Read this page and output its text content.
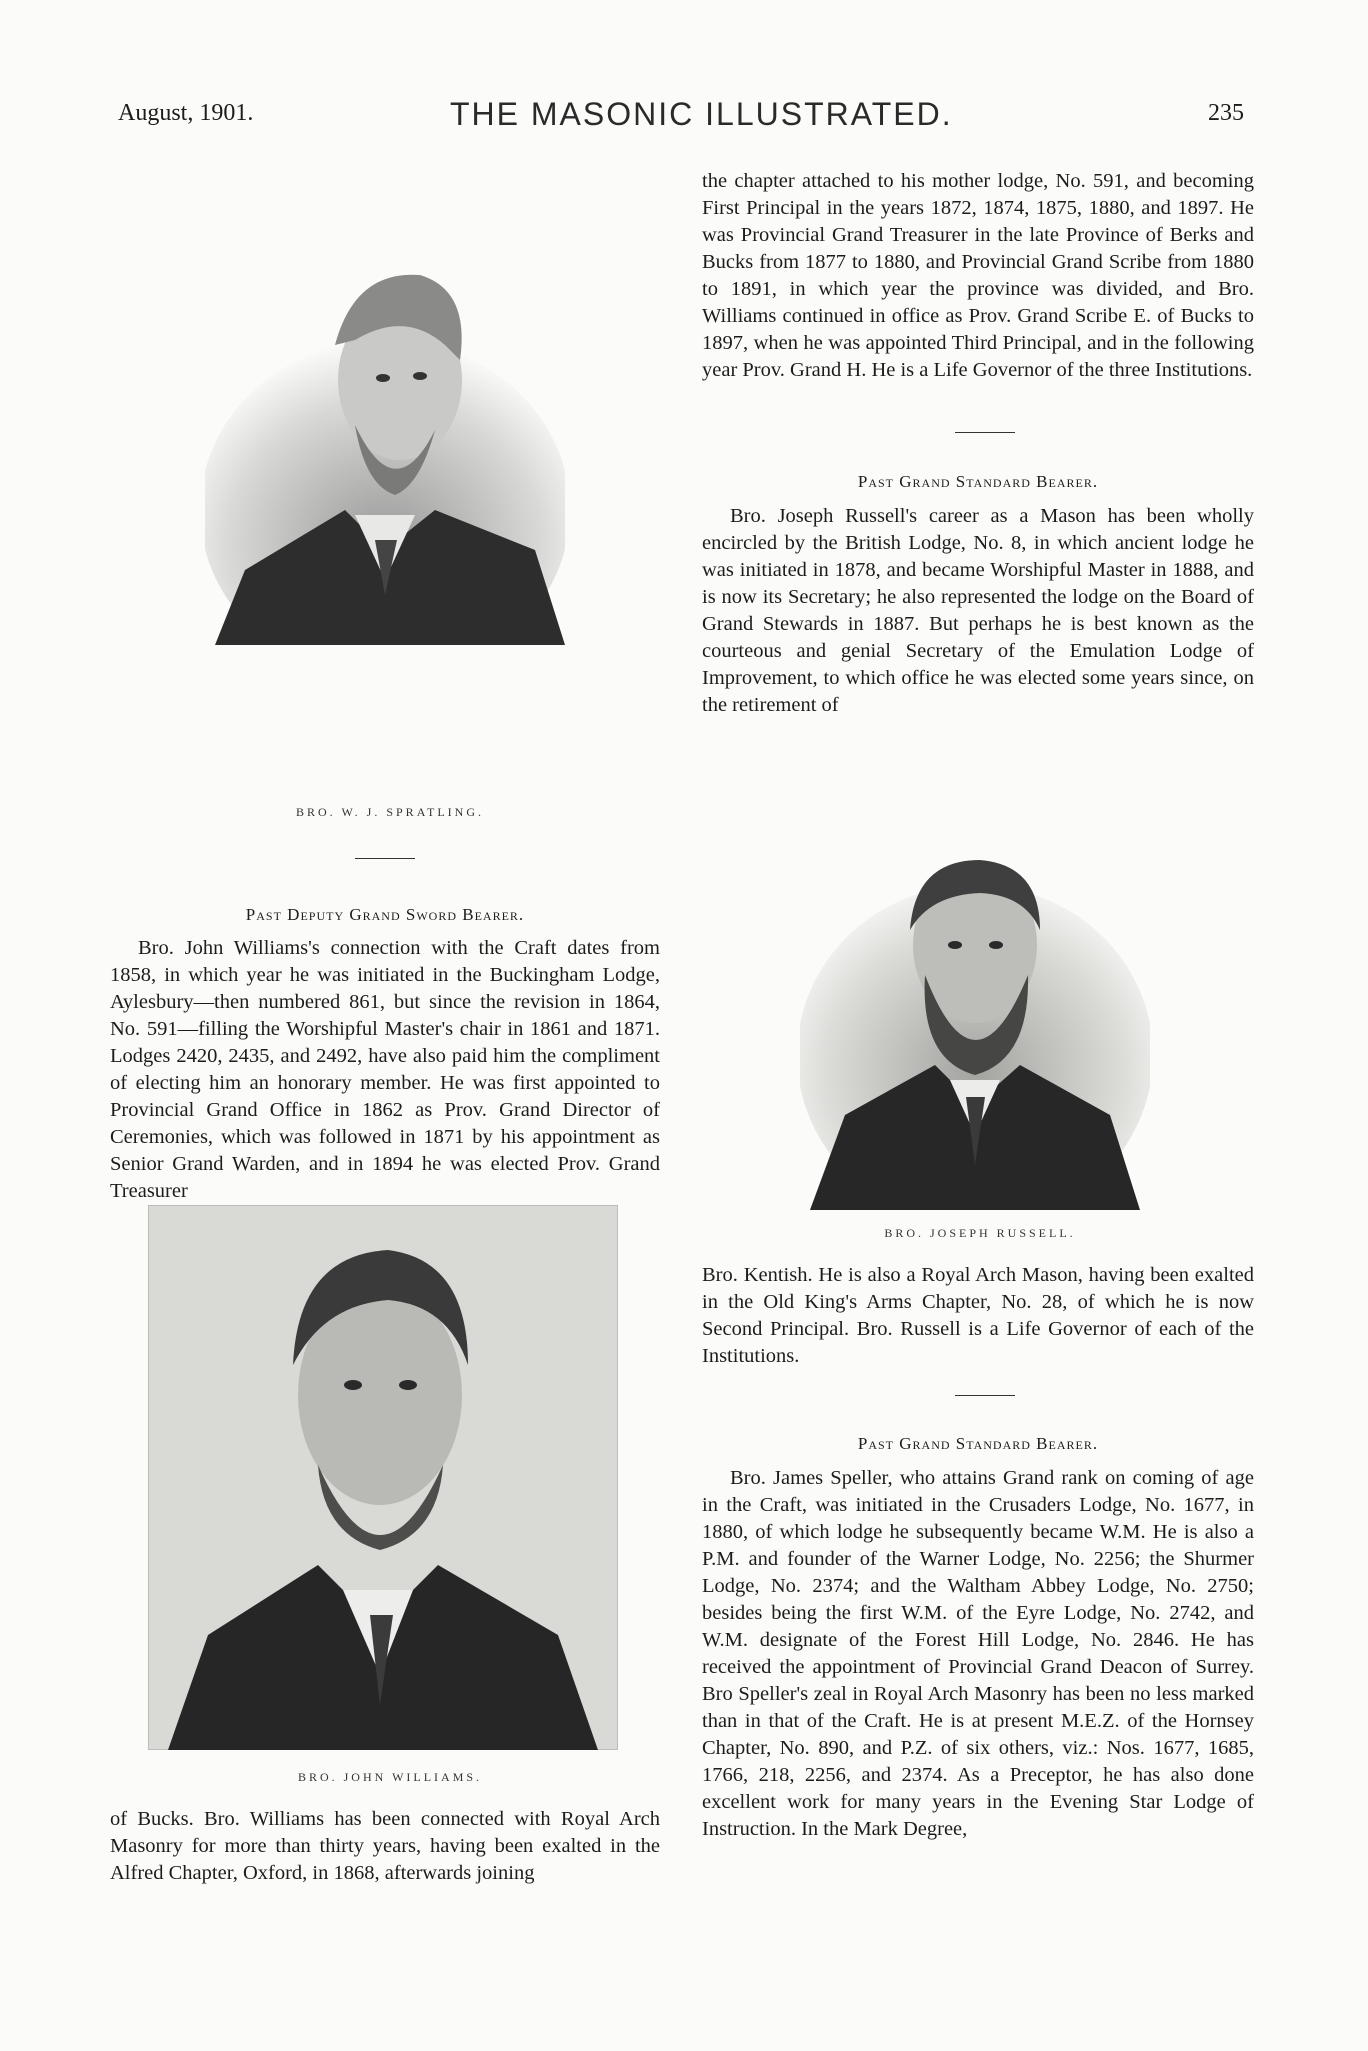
August, 1901.	THE MASONIC ILLUSTRATED.	235
BRO. W. J. SPRATLING.
Past Deputy Grand Sword Bearer.

Bro. John Williams's connection with the Craft dates from 1858, in which year he was initiated in the Buckingham Lodge, Aylesbury—then numbered 861, but since the revision in 1864, No. 591—filling the Worshipful Master's chair in 1861 and 1871. Lodges 2420, 2435, and 2492, have also paid him the compliment of electing him an honorary member. He was first appointed to Provincial Grand Office in 1862 as Prov. Grand Director of Ceremonies, which was followed in 1871 by his appointment as Senior Grand Warden, and in 1894 he was elected Prov. Grand Treasurer

BRO. JOHN WILLIAMS.

of Bucks. Bro. Williams has been connected with Royal Arch Masonry for more than thirty years, having been exalted in the Alfred Chapter, Oxford, in 1868, afterwards joining

the chapter attached to his mother lodge, No. 591, and becoming First Principal in the years 1872, 1874, 1875, 1880, and 1897. He was Provincial Grand Treasurer in the late Province of Berks and Bucks from 1877 to 1880, and Provincial Grand Scribe from 1880 to 1891, in which year the province was divided, and Bro. Williams continued in office as Prov. Grand Scribe E. of Bucks to 1897, when he was appointed Third Principal, and in the following year Prov. Grand H. He is a Life Governor of the three Institutions.

Past Grand Standard Bearer.

Bro. Joseph Russell's career as a Mason has been wholly encircled by the British Lodge, No. 8, in which ancient lodge he was initiated in 1878, and became Worshipful Master in 1888, and is now its Secretary; he also represented the lodge on the Board of Grand Stewards in 1887. But perhaps he is best known as the courteous and genial Secretary of the Emulation Lodge of Improvement, to which office he was elected some years since, on the retirement of

BRO. JOSEPH RUSSELL.

Bro. Kentish. He is also a Royal Arch Mason, having been exalted in the Old King's Arms Chapter, No. 28, of which he is now Second Principal. Bro. Russell is a Life Governor of each of the Institutions.

Past Grand Standard Bearer.

Bro. James Speller, who attains Grand rank on coming of age in the Craft, was initiated in the Crusaders Lodge, No. 1677, in 1880, of which lodge he subsequently became W.M. He is also a P.M. and founder of the Warner Lodge, No. 2256; the Shurmer Lodge, No. 2374; and the Waltham Abbey Lodge, No. 2750; besides being the first W.M. of the Eyre Lodge, No. 2742, and W.M. designate of the Forest Hill Lodge, No. 2846. He has received the appointment of Provincial Grand Deacon of Surrey. Bro Speller's zeal in Royal Arch Masonry has been no less marked than in that of the Craft. He is at present M.E.Z. of the Hornsey Chapter, No. 890, and P.Z. of six others, viz.: Nos. 1677, 1685, 1766, 218, 2256, and 2374. As a Preceptor, he has also done excellent work for many years in the Evening Star Lodge of Instruction. In the Mark Degree,
